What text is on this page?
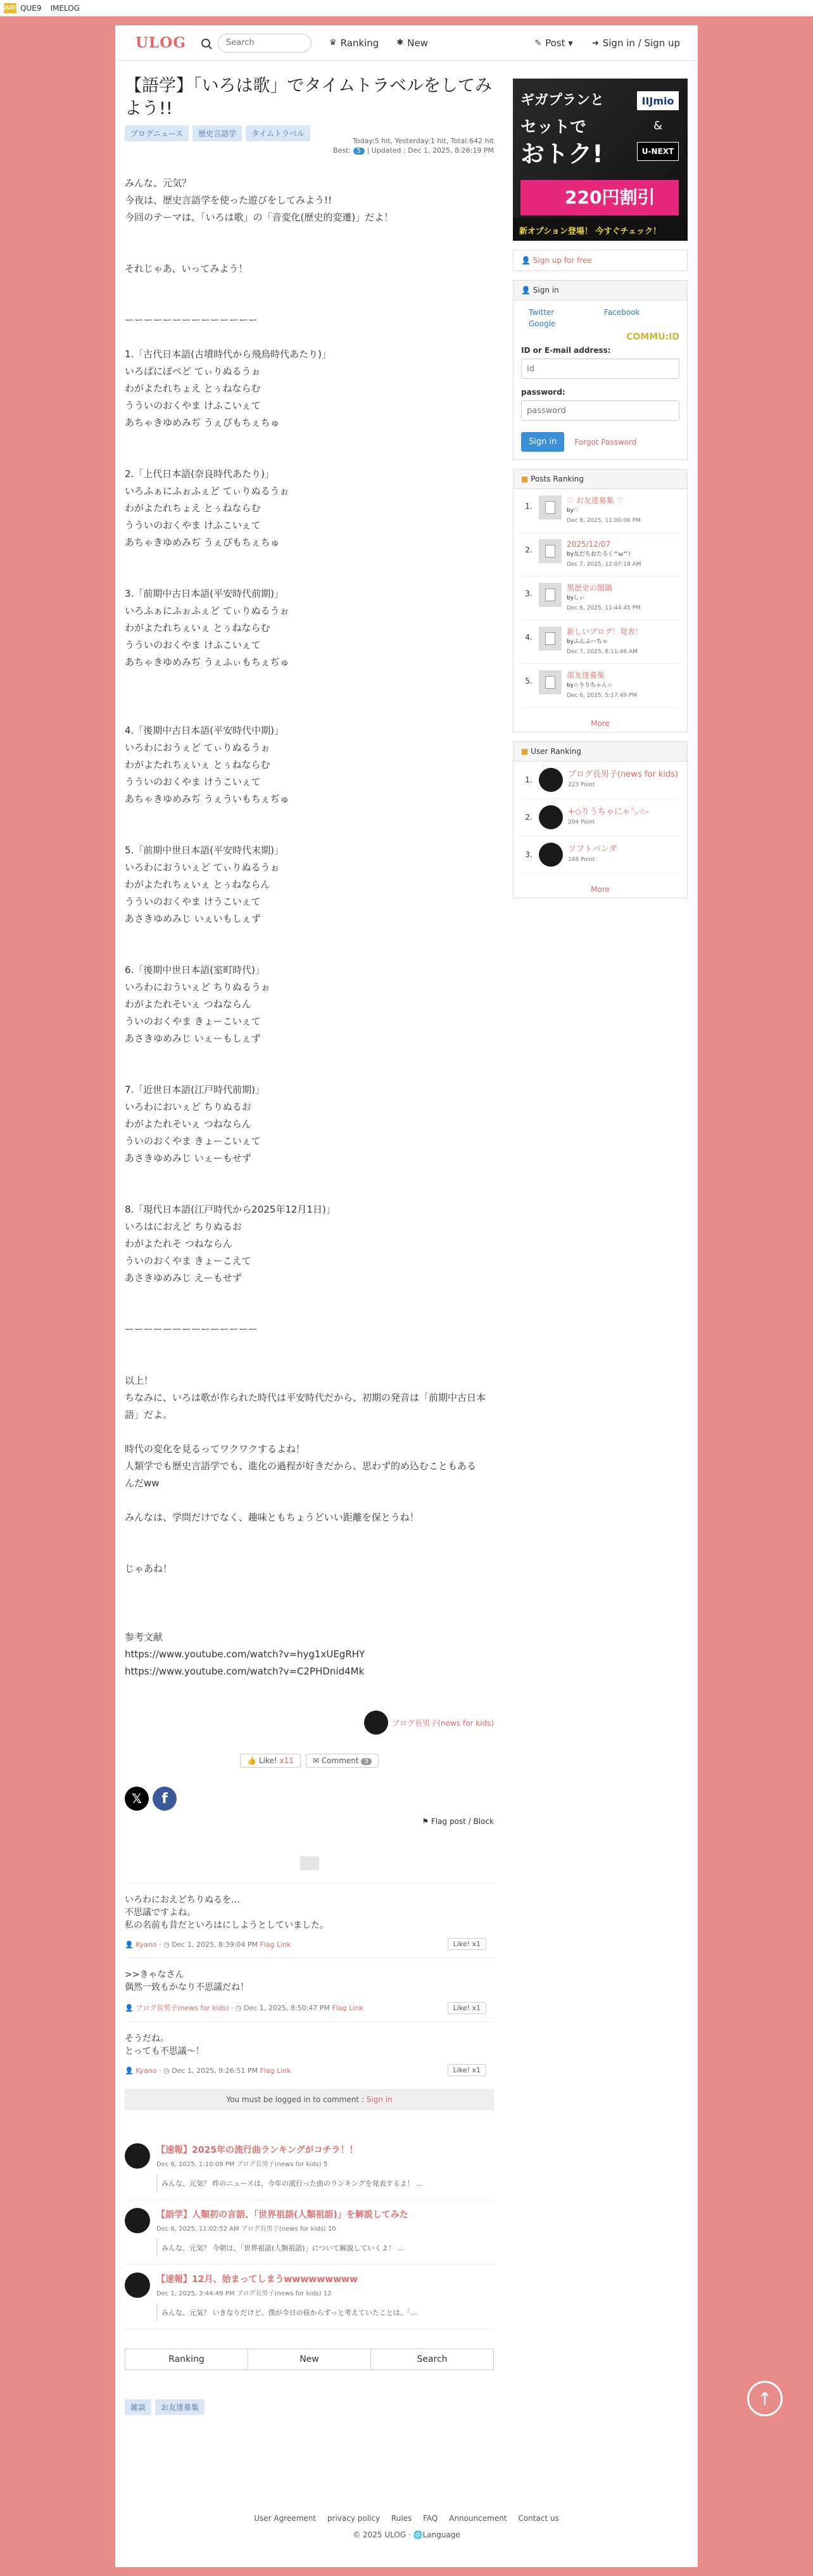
QUE9 QUE9 IMELOG
ULOG
Search	♛ Ranking ✱ New	✎ Post ▾ ➜ Sign in / Sign up
【語学】「いろは歌」でタイムトラベルをしてみよう!!
ブログニュース	歴史言語学	タイムトラベル
Today:5 hit, Yesterday:1 hit, Total:642 hit
Best: 5 | Updated : Dec 1, 2025, 8:26:19 PM

みんな、元気？

今夜は、歴史言語学を使った遊びをしてみよう!!

今回のテーマは、「いろは歌」の「音変化(歴史的変遷)」だよ！

それじゃあ、いってみよう！

ーーーーーーーーーーーーーー

1.「古代日本語(古墳時代から飛鳥時代あたり)」

いろぱにぽぺど てぃりぬるうぉ

わがよたれちょえ とぅねならむ

うういのおくやま けふこいぇて

あちゃきゆめみぢ うぇぴもちぇちゅ

2.「上代日本語(奈良時代あたり)」

いろふぁにふぉふぇど てぃりぬるうぉ

わがよたれちょえ とぅねならむ

うういのおくやま けふこいぇて

あちゃきゆめみぢ うぇぴもちぇちゅ

3.「前期中古日本語(平安時代前期)」

いろふぁにふぉふぇど てぃりぬるうぉ

わがよたれちぇいぇ とぅねならむ

うういのおくやま けふこいぇて

あちゃきゆめみぢ うぇふぃもちぇぢゅ

4.「後期中古日本語(平安時代中期)」

いろわにおうぇど てぃりぬるうぉ

わがよたれちぇいぇ とぅねならむ

うういのおくやま けうこいぇて

あちゃきゆめみぢ うぇういもちぇぢゅ

5.「前期中世日本語(平安時代末期)」

いろわにおういぇど てぃりぬるうぉ

わがよたれちぇいぇ とぅねならん

うういのおくやま けうこいぇて

あさきゆめみじ いぇいもしぇず

6.「後期中世日本語(室町時代)」

いろわにおういぇど ちりぬるうぉ

わがよたれそいぇ つねならん

ういのおくやま きょーこいぇて

あさきゆめみじ いぇーもしぇず

7.「近世日本語(江戸時代前期)」

いろわにおいぇど ちりぬるお

わがよたれそいぇ つねならん

ういのおくやま きょーこいぇて

あさきゆめみじ いぇーもせず

8.「現代日本語(江戸時代から2025年12月1日)」

いろはにおえど ちりぬるお

わがよたれそ つねならん

ういのおくやま きょーこえて

あさきゆめみじ えーもせず

ーーーーーーーーーーーーーー

以上！

ちなみに、いろは歌が作られた時代は平安時代だから、初期の発音は「前期中古日本

語」だよ。

時代の変化を見るってワクワクするよね！

人類学でも歴史言語学でも、進化の過程が好きだから、思わず的め込むこともある

んだww

みんなは、学問だけでなく、趣味ともちょうどいい距離を保とうね！

じゃあね！

参考文献

https://www.youtube.com/watch?v=hyg1xUEgRHY

https://www.youtube.com/watch?v=C2PHDnid4Mk

ブログ長男子(news for kids)
👍 Like! x11	✉ Comment 3
𝕏	f
⚑ Flag post / Block
いろわにおえどちりぬるを…
不思議ですよね。
私の名前も昔だといろはにしようとしていました。
👤 Kyano · ◷ Dec 1, 2025, 8:39:04 PM Flag Link	Like! x1
>>きゃなさん
偶然一致もかなり不思議だね！
👤 ブログ長男子(news for kids) · ◷ Dec 1, 2025, 8:50:47 PM Flag Link	Like! x1
そうだね。
とっても不思議〜！
👤 Kyano · ◷ Dec 1, 2025, 9:26:51 PM Flag Link	Like! x1
You must be logged in to comment : Sign in
【速報】2025年の流行曲ランキングがコチラ！！
Dec 6, 2025, 1:10:09 PM ブログ長男子(news for kids) 5
みんな、元気？ 昨のニュースは、今年の流行った曲のランキングを発表するよ！ ...
【語学】人類初の言語、「世界祖語(人類祖語)」を解説してみた
Dec 6, 2025, 11:02:52 AM ブログ長男子(news for kids) 10
みんな、元気？ 今朝は、「世界祖語(人類祖語)」について解説していくよ！ ...
【速報】12月、始まってしまうwwwwwwwww
Dec 1, 2025, 3:44:49 PM ブログ長男子(news for kids) 12
みんな、元気？ いきなりだけど、僕が今日の昼からずっと考えていたことは、「...
Ranking	New	Search
雑談	お友達募集
ギガプランと
セットで
おトク!
IIJmio
&
U-NEXT
220円割引
新オプション登場！ 今すぐチェック！
👤 Sign up for free
👤 Sign in
Twitter	Facebook
Google
COMMU:ID
ID or E-mail address:
id
password:
password
Sign in	Forgot Password
■ Posts Ranking
1.
♡ お友達募集 ♡
by♡
Dec 8, 2025, 11:00:06 PM
2.
2025/12/07
by友だちおたろく^ω^）
Dec 7, 2025, 12:07:18 AM
3.
黒歴史の闇鍋
byしぃ
Dec 6, 2025, 11:44:45 PM
4.
新しいブログ！発表！
byふんふーちゃ
Dec 7, 2025, 8:11:46 AM
5.
部友達募集
by☆りりちゃん☆
Dec 6, 2025, 5:17:49 PM
More
■ User Ranking
1.
ブログ長男子(news for kids)
223 Point
2.
+◇りうちゃにゃ㌧☆-
204 Point
3.
ソフトパンダ
168 Point
More
User Agreement privacy policy Rules FAQ Announcement Contact us
© 2025 ULOG · 🌐Language
↑
